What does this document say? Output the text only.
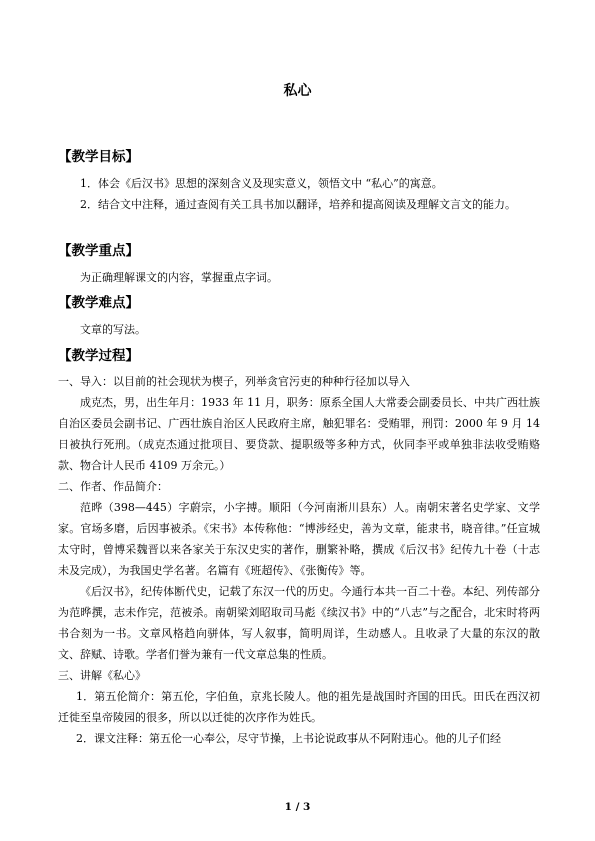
私心
【教学目标】
1．体会《后汉书》思想的深刻含义及现实意义，领悟文中 “私心”的寓意。
2．结合文中注释，通过查阅有关工具书加以翻译，培养和提高阅读及理解文言文的能力。
【教学重点】
为正确理解课文的内容，掌握重点字词。
【教学难点】
文章的写法。
【教学过程】
一、导入：以目前的社会现状为楔子，列举贪官污吏的种种行径加以导入
成克杰，男，出生年月：1933 年 11 月，职务：原系全国人大常委会副委员长、中共广西壮族自治区委员会副书记、广西壮族自治区人民政府主席，触犯罪名：受贿罪，刑罚：2000 年 9 月 14 日被执行死刑。（成克杰通过批项目、要贷款、提职级等多种方式，伙同李平或单独非法收受贿赂款、物合计人民币 4109 万余元。）
二、作者、作品简介：
范晔（398—445）字蔚宗，小字搏。顺阳（今河南淅川县东）人。南朝宋著名史学家、文学家。官场多磨，后因事被杀。《宋书》本传称他：“博涉经史，善为文章，能隶书，晓音律。”任宣城太守时，曾博采魏晋以来各家关于东汉史实的著作，删繁补略，撰成《后汉书》纪传九十卷（十志未及完成），为我国史学名著。名篇有《班超传》、《张衡传》等。
《后汉书》，纪传体断代史，记载了东汉一代的历史。今通行本共一百二十卷。本纪、列传部分为范晔撰，志未作完，范被杀。南朝梁刘昭取司马彪《续汉书》中的“八志”与之配合，北宋时将两书合刻为一书。文章风格趋向骈体，写人叙事，简明周详，生动感人。且收录了大量的东汉的散文、辞赋、诗歌。学者们誉为兼有一代文章总集的性质。
三、讲解《私心》
1．第五伦简介：第五伦，字伯鱼，京兆长陵人。他的祖先是战国时齐国的田氏。田氏在西汉初迁徙至皇帝陵园的很多，所以以迁徙的次序作为姓氏。
2．课文注释：第五伦一心奉公，尽守节操，上书论说政事从不阿附违心。他的儿子们经
1 / 3
